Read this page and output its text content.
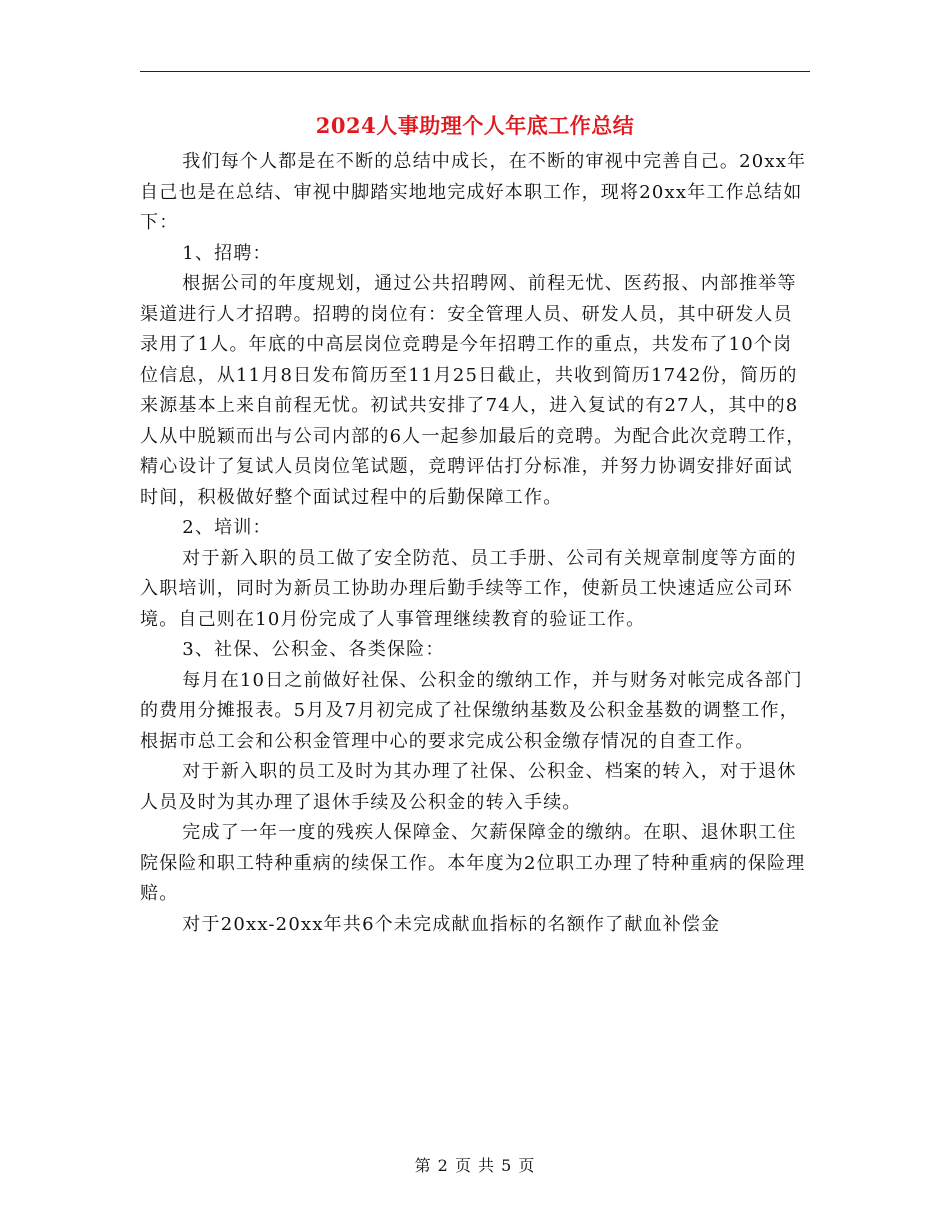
2024人事助理个人年底工作总结

我们每个人都是在不断的总结中成长，在不断的审视中完善自己。20xx年自己也是在总结、审视中脚踏实地地完成好本职工作，现将20xx年工作总结如下：

1、招聘：

根据公司的年度规划，通过公共招聘网、前程无忧、医药报、内部推举等渠道进行人才招聘。招聘的岗位有：安全管理人员、研发人员，其中研发人员录用了1人。年底的中高层岗位竞聘是今年招聘工作的重点，共发布了10个岗位信息，从11月8日发布简历至11月25日截止，共收到简历1742份，简历的来源基本上来自前程无忧。初试共安排了74人，进入复试的有27人，其中的8人从中脱颖而出与公司内部的6人一起参加最后的竞聘。为配合此次竞聘工作，精心设计了复试人员岗位笔试题，竞聘评估打分标准，并努力协调安排好面试时间，积极做好整个面试过程中的后勤保障工作。

2、培训：

对于新入职的员工做了安全防范、员工手册、公司有关规章制度等方面的入职培训，同时为新员工协助办理后勤手续等工作，使新员工快速适应公司环境。自己则在10月份完成了人事管理继续教育的验证工作。

3、社保、公积金、各类保险：

每月在10日之前做好社保、公积金的缴纳工作，并与财务对帐完成各部门的费用分摊报表。5月及7月初完成了社保缴纳基数及公积金基数的调整工作，根据市总工会和公积金管理中心的要求完成公积金缴存情况的自查工作。

对于新入职的员工及时为其办理了社保、公积金、档案的转入，对于退休人员及时为其办理了退休手续及公积金的转入手续。

完成了一年一度的残疾人保障金、欠薪保障金的缴纳。在职、退休职工住院保险和职工特种重病的续保工作。本年度为2位职工办理了特种重病的保险理赔。

对于20xx-20xx年共6个未完成献血指标的名额作了献血补偿金

第 2 页 共 5 页
